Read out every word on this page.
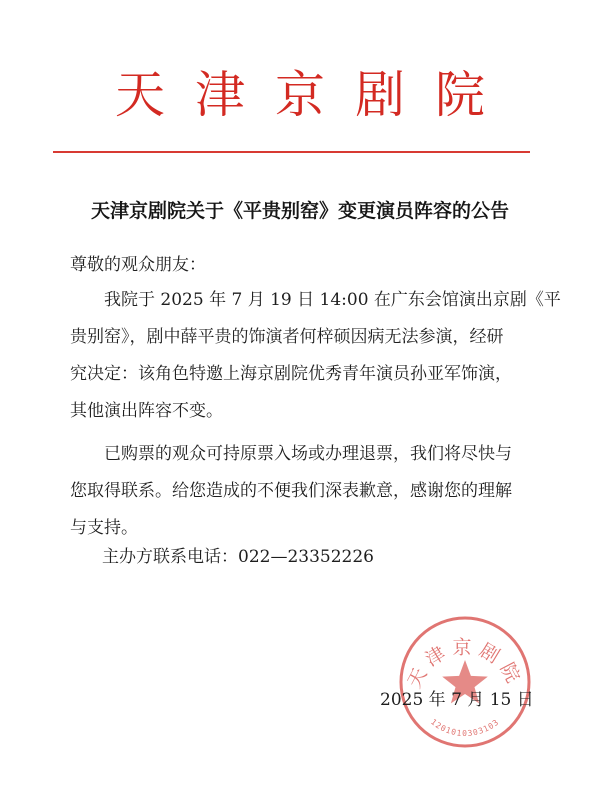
天津京剧院
天津京剧院关于《平贵别窑》变更演员阵容的公告
尊敬的观众朋友：
　　我院于 2025 年 7 月 19 日 14:00 在广东会馆演出京剧《平
贵别窑》，剧中薛平贵的饰演者何梓硕因病无法参演，经研
究决定：该角色特邀上海京剧院优秀青年演员孙亚军饰演，
其他演出阵容不变。
　　已购票的观众可持原票入场或办理退票，我们将尽快与
您取得联系。给您造成的不便我们深表歉意，感谢您的理解
与支持。
主办方联系电话：022—23352226
天津京剧院
1201010303103
2025 年 7 月 15 日
